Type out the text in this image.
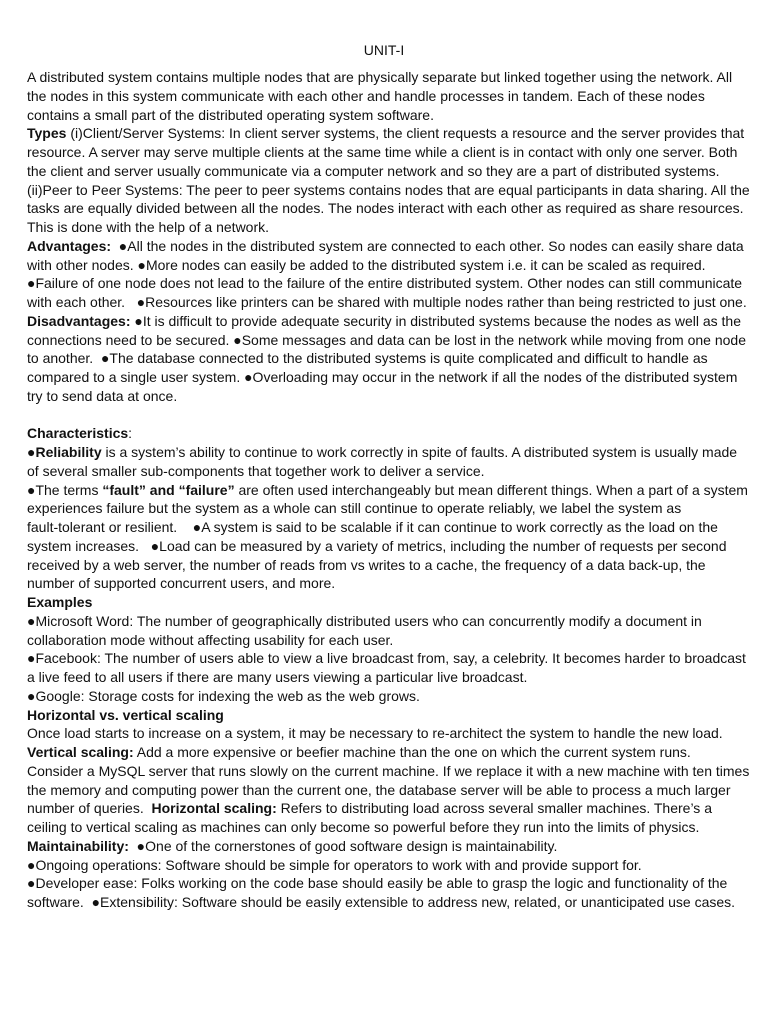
UNIT-I
A distributed system contains multiple nodes that are physically separate but linked together using the network. All
the nodes in this system communicate with each other and handle processes in tandem. Each of these nodes
contains a small part of the distributed operating system software.
Types (i)Client/Server Systems: In client server systems, the client requests a resource and the server provides that
resource. A server may serve multiple clients at the same time while a client is in contact with only one server. Both
the client and server usually communicate via a computer network and so they are a part of distributed systems.
(ii)Peer to Peer Systems: The peer to peer systems contains nodes that are equal participants in data sharing. All the
tasks are equally divided between all the nodes. The nodes interact with each other as required as share resources.
This is done with the help of a network.
Advantages:  ●All the nodes in the distributed system are connected to each other. So nodes can easily share data
with other nodes. ●More nodes can easily be added to the distributed system i.e. it can be scaled as required.
●Failure of one node does not lead to the failure of the entire distributed system. Other nodes can still communicate
with each other.   ●Resources like printers can be shared with multiple nodes rather than being restricted to just one.
Disadvantages: ●It is difficult to provide adequate security in distributed systems because the nodes as well as the
connections need to be secured. ●Some messages and data can be lost in the network while moving from one node
to another.  ●The database connected to the distributed systems is quite complicated and difficult to handle as
compared to a single user system. ●Overloading may occur in the network if all the nodes of the distributed system
try to send data at once.
Characteristics:
●Reliability is a system’s ability to continue to work correctly in spite of faults. A distributed system is usually made
of several smaller sub-components that together work to deliver a service.
●The terms “fault” and “failure” are often used interchangeably but mean different things. When a part of a system
experiences failure but the system as a whole can still continue to operate reliably, we label the system as
fault-tolerant or resilient.    ●A system is said to be scalable if it can continue to work correctly as the load on the
system increases.   ●Load can be measured by a variety of metrics, including the number of requests per second
received by a web server, the number of reads from vs writes to a cache, the frequency of a data back-up, the
number of supported concurrent users, and more.
Examples
●Microsoft Word: The number of geographically distributed users who can concurrently modify a document in
collaboration mode without affecting usability for each user.
●Facebook: The number of users able to view a live broadcast from, say, a celebrity. It becomes harder to broadcast
a live feed to all users if there are many users viewing a particular live broadcast.
●Google: Storage costs for indexing the web as the web grows.
Horizontal vs. vertical scaling
Once load starts to increase on a system, it may be necessary to re-architect the system to handle the new load.
Vertical scaling: Add a more expensive or beefier machine than the one on which the current system runs.
Consider a MySQL server that runs slowly on the current machine. If we replace it with a new machine with ten times
the memory and computing power than the current one, the database server will be able to process a much larger
number of queries.  Horizontal scaling: Refers to distributing load across several smaller machines. There’s a
ceiling to vertical scaling as machines can only become so powerful before they run into the limits of physics.
Maintainability:  ●One of the cornerstones of good software design is maintainability.
●Ongoing operations: Software should be simple for operators to work with and provide support for.
●Developer ease: Folks working on the code base should easily be able to grasp the logic and functionality of the
software.  ●Extensibility: Software should be easily extensible to address new, related, or unanticipated use cases.
